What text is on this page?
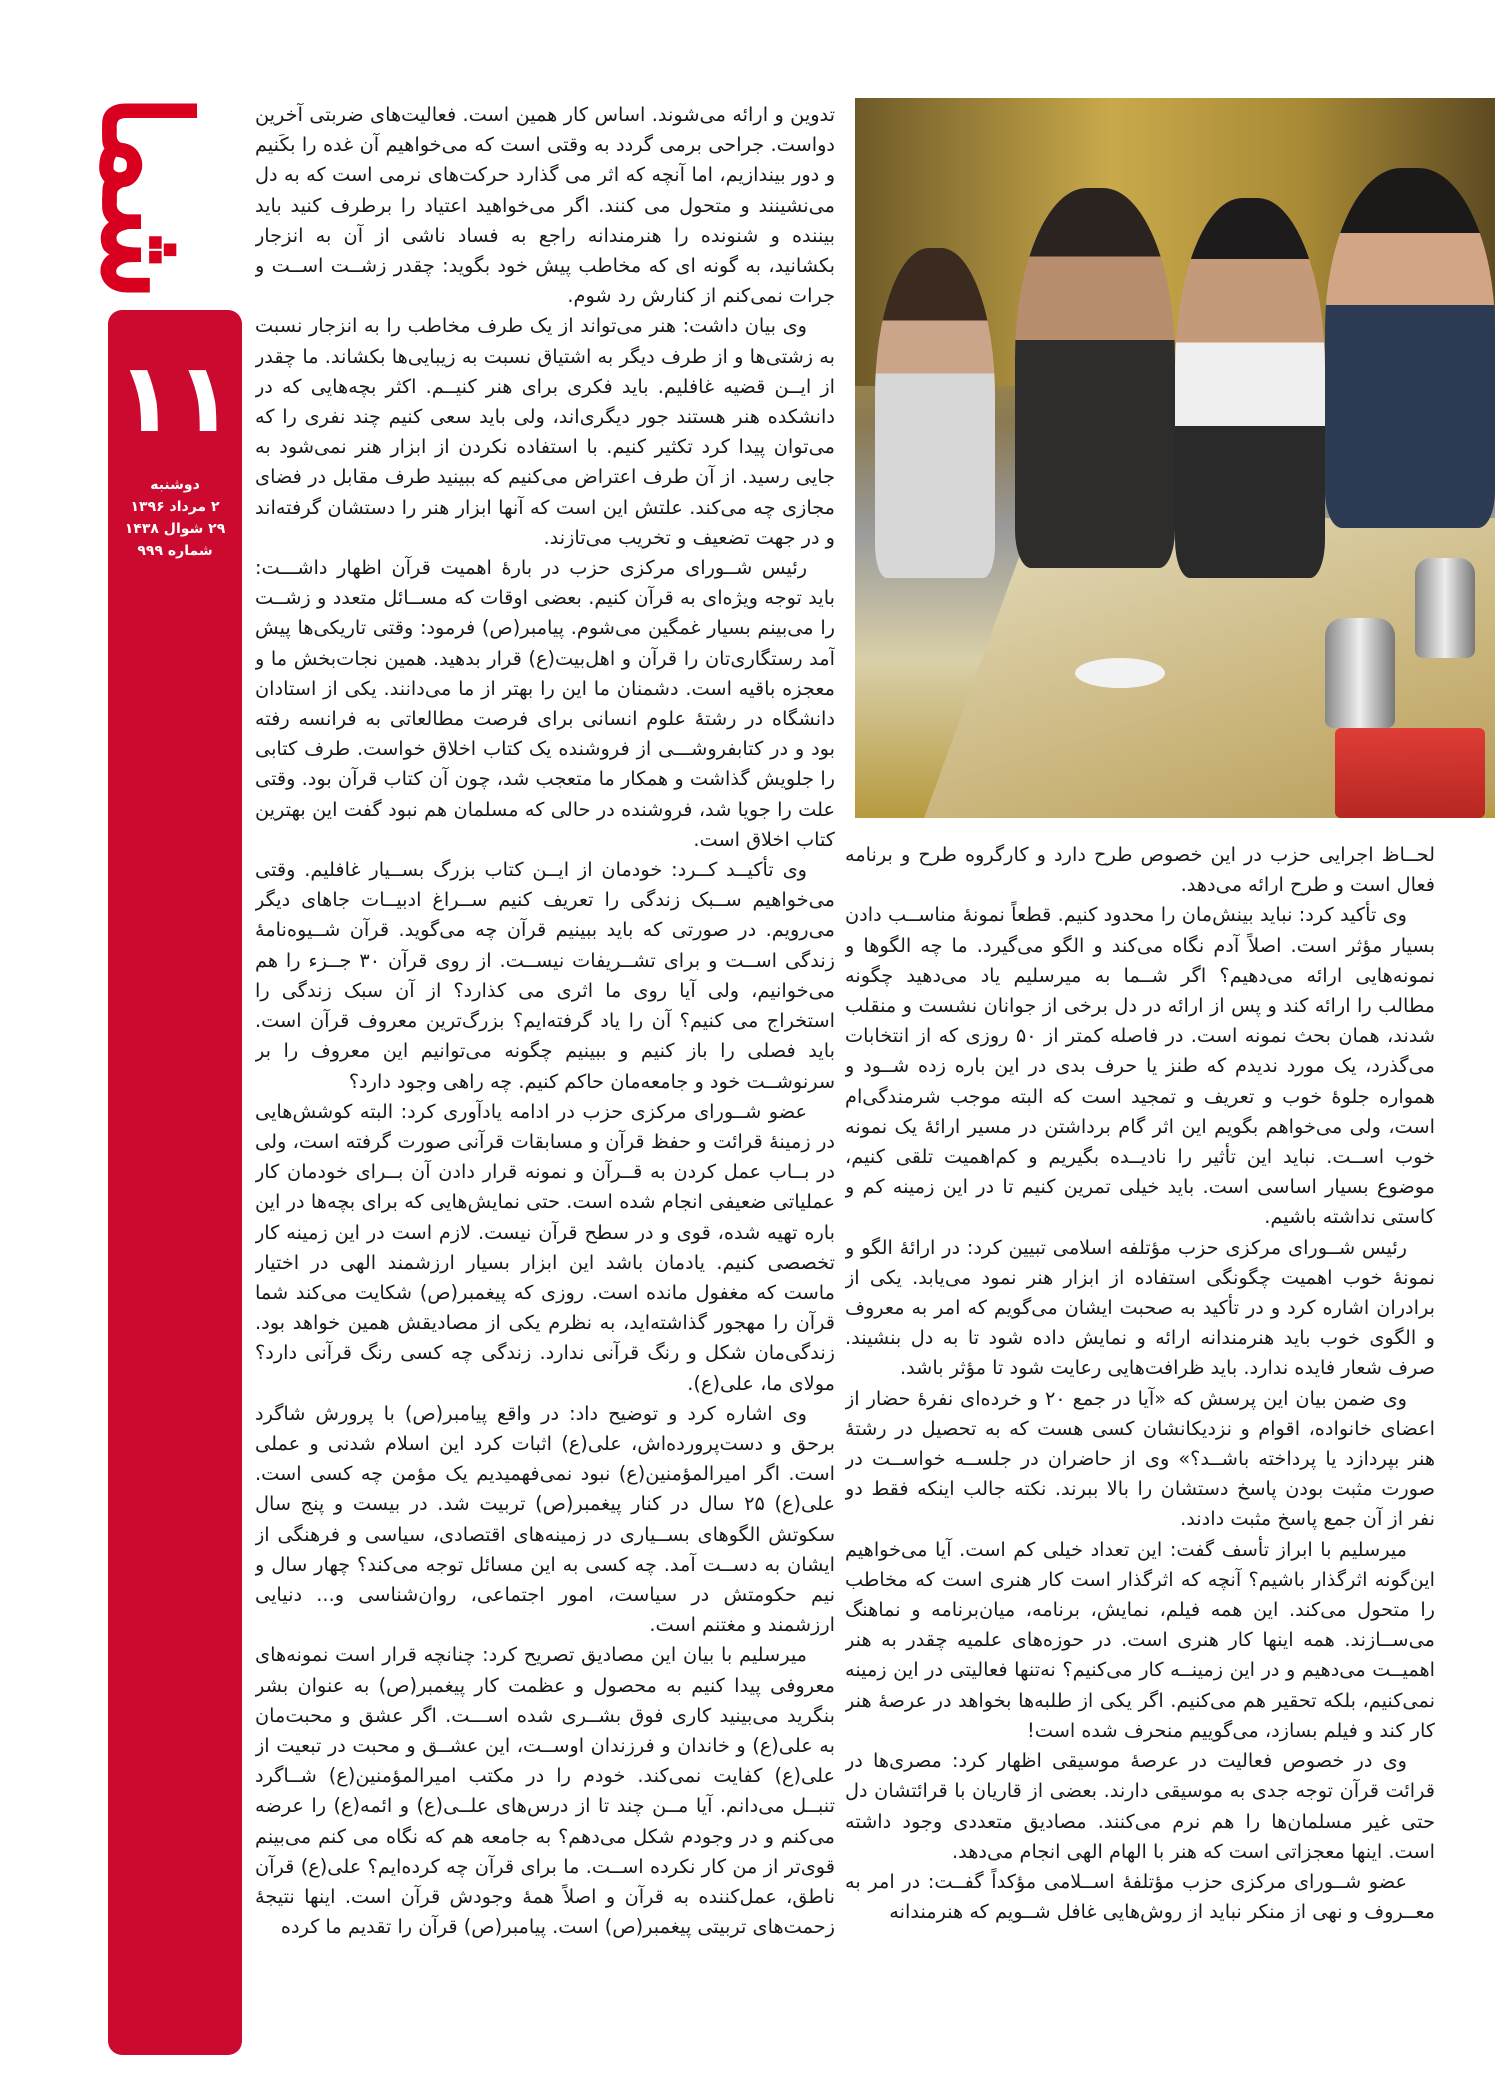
شما
۱۱
دوشنبه
۲ مرداد ۱۳۹۶
۲۹ شوال ۱۴۳۸
شماره ۹۹۹

تدوین و ارائه می‌شوند. اساس کار همین است. فعالیت‌های ضربتی آخرین دواست. جراحی برمی گردد به وقتی است که می‌خواهیم آن غده را بکَنیم و دور بیندازیم، اما آنچه که اثر می گذارد حرکت‌های نرمی است که به دل می‌نشینند و متحول می کنند. اگر می‌خواهید اعتیاد را برطرف کنید باید بیننده و شنونده را هنرمندانه راجع به فساد ناشی از آن به انزجار بکشانید، به گونه ای که مخاطب پیش خود بگوید: چقدر زشــت اســت و جرات نمی‌کنم از کنارش رد شوم.

وی بیان داشت: هنر می‌تواند از یک طرف مخاطب را به انزجار نسبت به زشتی‌ها و از طرف دیگر به اشتیاق نسبت به زیبایی‌ها بکشاند. ما چقدر از ایــن قضیه غافلیم. باید فکری برای هنر کنیــم. اکثر بچه‌هایی که در دانشکده هنر هستند جور دیگری‌اند، ولی باید سعی کنیم چند نفری را که می‌توان پیدا کرد تکثیر کنیم. با استفاده نکردن از ابزار هنر نمی‌شود به جایی رسید. از آن طرف اعتراض می‌کنیم که ببینید طرف مقابل در فضای مجازی چه می‌کند. علتش این است که آنها ابزار هنر را دستشان گرفته‌اند و در جهت تضعیف و تخریب می‌تازند.

رئیس شــورای مرکزی حزب در بارهٔ اهمیت قرآن اظهار داشـــت: باید توجه ویژه‌ای به قرآن کنیم. بعضی اوقات که مســائل متعدد و زشــت را می‌بینم بسیار غمگین می‌شوم. پیامبر(ص) فرمود: وقتی تاریکی‌ها پیش آمد رستگاری‌تان را قرآن و اهل‌بیت(ع) قرار بدهید. همین نجات‌بخش ما و معجزه باقیه است. دشمنان ما این را بهتر از ما می‌دانند. یکی از استادان دانشگاه در رشتهٔ علوم انسانی برای فرصت مطالعاتی به فرانسه رفته بود و در کتابفروشـــی از فروشنده یک کتاب اخلاق خواست. طرف کتابی را جلویش گذاشت و همکار ما متعجب شد، چون آن کتاب قرآن بود. وقتی علت را جویا شد، فروشنده در حالی که مسلمان هم نبود گفت این بهترین کتاب اخلاق است.

وی تأکیــد کــرد: خودمان از ایــن کتاب بزرگ بســیار غافلیم. وقتی می‌خواهیم ســبک زندگی را تعریف کنیم ســراغ ادبیــات جاهای دیگر می‌رویم. در صورتی که باید ببینیم قرآن چه می‌گوید. قرآن شــیوه‌نامهٔ زندگی اســت و برای تشــریفات نیســت. از روی قرآن ۳۰ جــزء را هم می‌خوانیم، ولی آیا روی ما اثری می کذارد؟ از آن سبک زندگی را استخراج می کنیم؟ آن را یاد گرفته‌ایم؟ بزرگ‌ترین معروف قرآن است. باید فصلی را باز کنیم و ببینیم چگونه می‌توانیم این معروف را بر سرنوشــت خود و جامعه‌مان حاکم کنیم. چه راهی وجود دارد؟

عضو شــورای مرکزی حزب در ادامه یادآوری کرد: البته کوشش‌هایی در زمینهٔ قرائت و حفظ قرآن و مسابقات قرآنی صورت گرفته است، ولی در بــاب عمل کردن به قــرآن و نمونه قرار دادن آن بــرای خودمان کار عملیاتی ضعیفی انجام شده است. حتی نمایش‌هایی که برای بچه‌ها در این باره تهیه شده، قوی و در سطح قرآن نیست. لازم است در این زمینه کار تخصصی کنیم. یادمان باشد این ابزار بسیار ارزشمند الهی در اختیار ماست که مغفول مانده است. روزی که پیغمبر(ص) شکایت می‌کند شما قرآن را مهجور گذاشته‌اید، به نظرم یکی از مصادیقش همین خواهد بود. زندگی‌مان شکل و رنگ قرآنی ندارد. زندگی چه کسی رنگ قرآنی دارد؟ مولای ما، علی(ع).

وی اشاره کرد و توضیح داد: در واقع پیامبر(ص) با پرورش شاگرد برحق و دست‌پرورده‌اش، علی(ع) اثبات کرد این اسلام شدنی و عملی است. اگر امیرالمؤمنین(ع) نبود نمی‌فهمیدیم یک مؤمن چه کسی است. علی(ع) ۲۵ سال در کنار پیغمبر(ص) تربیت شد. در بیست و پنج سال سکوتش الگوهای بســیاری در زمینه‌های اقتصادی، سیاسی و فرهنگی از ایشان به دســت آمد. چه کسی به این مسائل توجه می‌کند؟ چهار سال و نیم حکومتش در سیاست، امور اجتماعی، روان‌شناسی و... دنیایی ارزشمند و مغتنم است.

میرسلیم با بیان این مصادیق تصریح کرد: چنانچه قرار است نمونه‌های معروفی پیدا کنیم به محصول و عظمت کار پیغمبر(ص) به عنوان بشر بنگرید می‌بینید کاری فوق بشــری شده اســـت. اگر عشق و محبت‌مان به علی(ع) و خاندان و فرزندان اوســت، این عشــق و محبت در تبعیت از علی(ع) کفایت نمی‌کند. خودم را در مکتب امیرالمؤمنین(ع) شــاگرد تنبــل می‌دانم. آیا مــن چند تا از درس‌های علــی(ع) و ائمه(ع) را عرضه می‌کنم و در وجودم شکل می‌دهم؟ به جامعه هم که نگاه می کنم می‌بینم قوی‌تر از من کار نکرده اســت. ما برای قرآن چه کرده‌ایم؟ علی(ع) قرآن ناطق، عمل‌کننده به قرآن و اصلاً همهٔ وجودش قرآن است. اینها نتیجهٔ زحمت‌های تربیتی پیغمبر(ص) است. پیامبر(ص) قرآن را تقدیم ما کرده

لحــاظ اجرایی حزب در این خصوص طرح دارد و کارگروه طرح و برنامه فعال است و طرح ارائه می‌دهد.

وی تأکید کرد: نباید بینش‌مان را محدود کنیم. قطعاً نمونهٔ مناســب دادن بسیار مؤثر است. اصلاً آدم نگاه می‌کند و الگو می‌گیرد. ما چه الگوها و نمونه‌هایی ارائه می‌دهیم؟ اگر شــما به میرسلیم یاد می‌دهید چگونه مطالب را ارائه کند و پس از ارائه در دل برخی از جوانان نشست و منقلب شدند، همان بحث نمونه است. در فاصله کمتر از ۵۰ روزی که از انتخابات می‌گذرد، یک مورد ندیدم که طنز یا حرف بدی در این باره زده شــود و همواره جلوهٔ خوب و تعریف و تمجید است که البته موجب شرمندگی‌ام است، ولی می‌خواهم بگویم این اثر گام برداشتن در مسیر ارائهٔ یک نمونه خوب اســت. نباید این تأثیر را نادیــده بگیریم و کم‌اهمیت تلقی کنیم، موضوع بسیار اساسی است. باید خیلی تمرین کنیم تا در این زمینه کم و کاستی نداشته باشیم.

رئیس شــورای مرکزی حزب مؤتلفه اسلامی تبیین کرد: در ارائهٔ الگو و نمونهٔ خوب اهمیت چگونگی استفاده از ابزار هنر نمود می‌یابد. یکی از برادران اشاره کرد و در تأکید به صحبت ایشان می‌گویم که امر به معروف و الگوی خوب باید هنرمندانه ارائه و نمایش داده شود تا به دل بنشیند. صرف شعار فایده ندارد. باید ظرافت‌هایی رعایت شود تا مؤثر باشد.

وی ضمن بیان این پرسش که «آیا در جمع ۲۰ و خرده‌ای نفرهٔ حضار از اعضای خانواده، اقوام و نزدیکانشان کسی هست که به تحصیل در رشتهٔ هنر بپردازد یا پرداخته باشــد؟» وی از حاضران در جلســه خواســت در صورت مثبت بودن پاسخ دستشان را بالا ببرند. نکته جالب اینکه فقط دو نفر از آن جمع پاسخ مثبت دادند.

میرسلیم با ابراز تأسف گفت: این تعداد خیلی کم است. آیا می‌خواهیم این‌گونه اثرگذار باشیم؟ آنچه که اثرگذار است کار هنری است که مخاطب را متحول می‌کند. این همه فیلم، نمایش، برنامه، میان‌برنامه و نماهنگ می‌ســازند. همه اینها کار هنری است. در حوزه‌های علمیه چقدر به هنر اهمیــت می‌دهیم و در این زمینــه کار می‌کنیم؟ نه‌تنها فعالیتی در این زمینه نمی‌کنیم، بلکه تحقیر هم می‌کنیم. اگر یکی از طلبه‌ها بخواهد در عرصهٔ هنر کار کند و فیلم بسازد، می‌گوییم منحرف شده است!

وی در خصوص فعالیت در عرصهٔ موسیقی اظهار کرد: مصری‌ها در قرائت قرآن توجه جدی به موسیقی دارند. بعضی از قاریان با قرائتشان دل حتی غیر مسلمان‌ها را هم نرم می‌کنند. مصادیق متعددی وجود داشته است. اینها معجزاتی است که هنر با الهام الهی انجام می‌دهد.

عضو شــورای مرکزی حزب مؤتلفهٔ اســلامی مؤکداً گفــت: در امر به معــروف و نهی از منکر نباید از روش‌هایی غافل شــویم که هنرمندانه
